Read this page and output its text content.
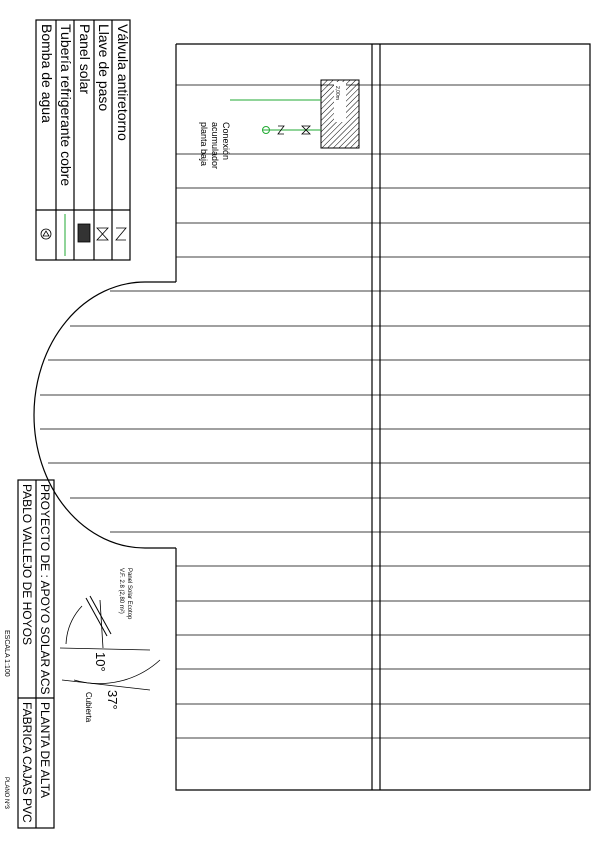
Válvula antiretorno
Llave de paso
Panel solar
Tubería refrigerante cobre
Bomba de agua	2,00m
Conexión
acumulador
planta baja
10°
37°
Cubierta
Panel Solar Ecotop
V.F. 2.8 (2,80 m²)
PROYECTO DE : APOYO SOLAR ACS
PABLO VALLEJO DE HOYOS
PLANTA DE ALTA
FABRICA CAJAS PVC
ESCALA 1:100
PLANO Nº3
